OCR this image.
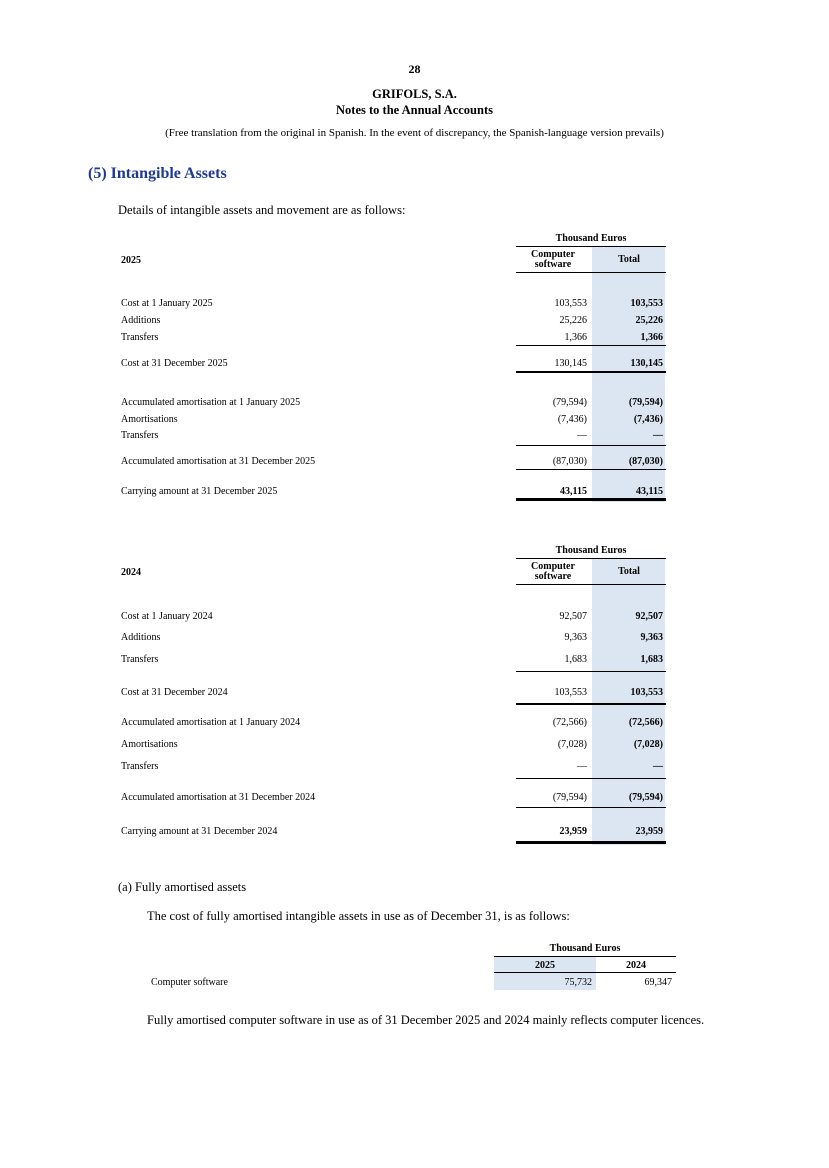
28
GRIFOLS, S.A.
Notes to the Annual Accounts
(Free translation from the original in Spanish. In the event of discrepancy, the Spanish-language version prevails)
(5) Intangible Assets
Details of intangible assets and movement are as follows:
Thousand Euros
2025
Computer software	Total
Cost at 1 January 2025	103,553	103,553
Additions	25,226	25,226
Transfers	1,366	1,366
Cost at 31 December 2025	130,145	130,145
Accumulated amortisation at 1 January 2025	(79,594)	(79,594)
Amortisations	(7,436)	(7,436)
Transfers	—	—
Accumulated amortisation at 31 December 2025	(87,030)	(87,030)
Carrying amount at 31 December 2025	43,115	43,115
Thousand Euros
2024
Computer software	Total
Cost at 1 January 2024	92,507	92,507
Additions	9,363	9,363
Transfers	1,683	1,683
Cost at 31 December 2024	103,553	103,553
Accumulated amortisation at 1 January 2024	(72,566)	(72,566)
Amortisations	(7,028)	(7,028)
Transfers	—	—
Accumulated amortisation at 31 December 2024	(79,594)	(79,594)
Carrying amount at 31 December 2024	23,959	23,959
(a) Fully amortised assets
The cost of fully amortised intangible assets in use as of December 31, is as follows:
Thousand Euros
2025	2024
Computer software	75,732	69,347
Fully amortised computer software in use as of 31 December 2025 and 2024 mainly reflects computer licences.
